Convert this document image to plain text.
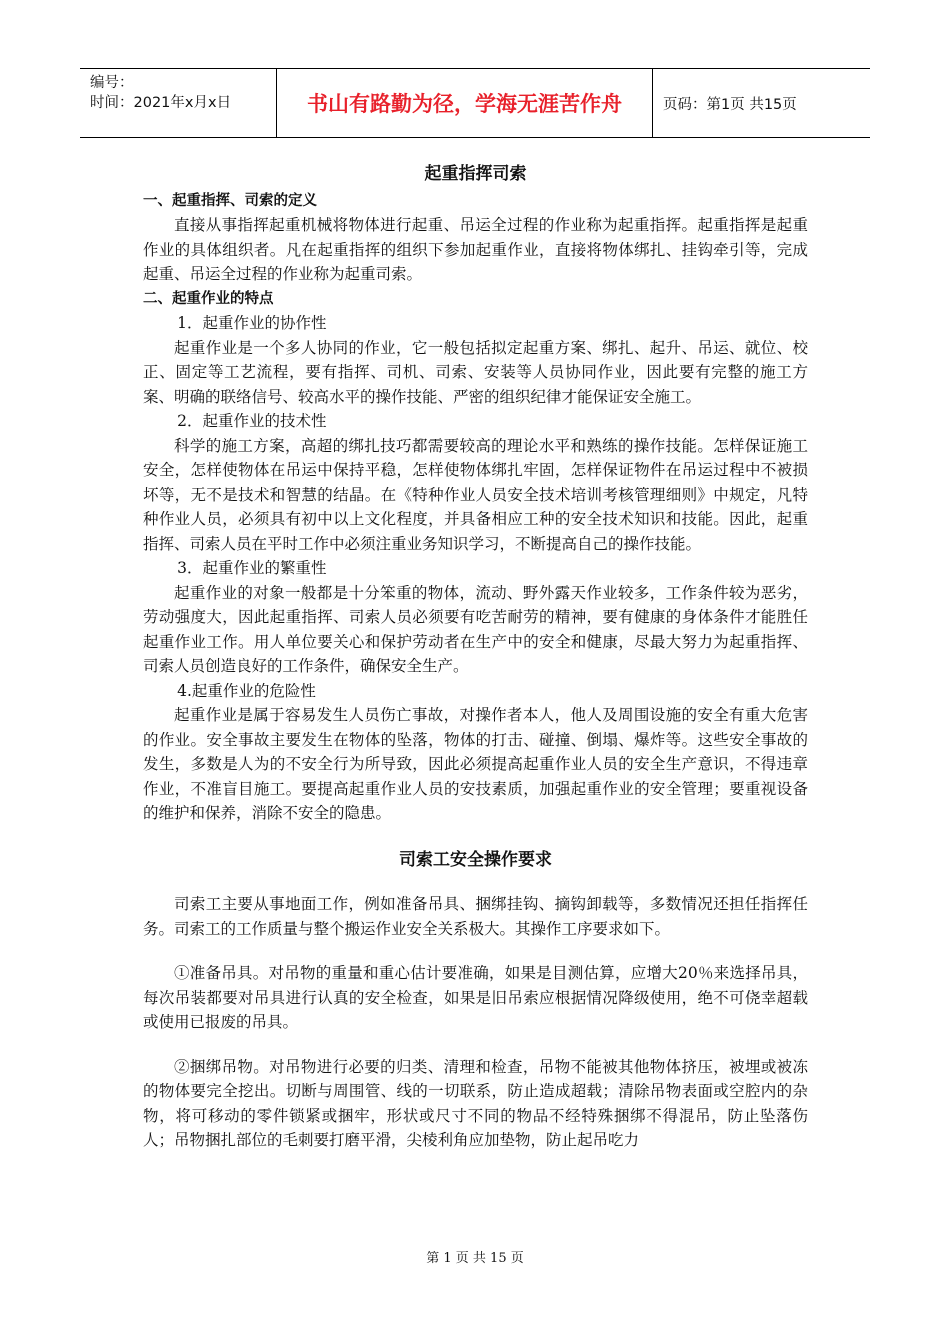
编号：
时间：2021年x月x日	书山有路勤为径，学海无涯苦作舟	页码：第1页 共15页

起重指挥司索

一、起重指挥、司索的定义

直接从事指挥起重机械将物体进行起重、吊运全过程的作业称为起重指挥。起重指挥是起重作业的具体组织者。凡在起重指挥的组织下参加起重作业，直接将物体绑扎、挂钩牵引等，完成起重、吊运全过程的作业称为起重司索。

二、起重作业的特点

1．起重作业的协作性

起重作业是一个多人协同的作业，它一般包括拟定起重方案、绑扎、起升、吊运、就位、校正、固定等工艺流程，要有指挥、司机、司索、安装等人员协同作业，因此要有完整的施工方案、明确的联络信号、较高水平的操作技能、严密的组织纪律才能保证安全施工。

2．起重作业的技术性

科学的施工方案，高超的绑扎技巧都需要较高的理论水平和熟练的操作技能。怎样保证施工安全，怎样使物体在吊运中保持平稳，怎样使物体绑扎牢固，怎样保证物件在吊运过程中不被损坏等，无不是技术和智慧的结晶。在《特种作业人员安全技术培训考核管理细则》中规定，凡特种作业人员，必须具有初中以上文化程度，并具备相应工种的安全技术知识和技能。因此，起重指挥、司索人员在平时工作中必须注重业务知识学习，不断提高自己的操作技能。

3．起重作业的繁重性

起重作业的对象一般都是十分笨重的物体，流动、野外露天作业较多，工作条件较为恶劣，劳动强度大，因此起重指挥、司索人员必须要有吃苦耐劳的精神，要有健康的身体条件才能胜任起重作业工作。用人单位要关心和保护劳动者在生产中的安全和健康，尽最大努力为起重指挥、司索人员创造良好的工作条件，确保安全生产。

4.起重作业的危险性

起重作业是属于容易发生人员伤亡事故，对操作者本人，他人及周围设施的安全有重大危害的作业。安全事故主要发生在物体的坠落，物体的打击、碰撞、倒塌、爆炸等。这些安全事故的发生，多数是人为的不安全行为所导致，因此必须提高起重作业人员的安全生产意识，不得违章作业，不准盲目施工。要提高起重作业人员的安技素质，加强起重作业的安全管理；要重视设备的维护和保养，消除不安全的隐患。

司索工安全操作要求

司索工主要从事地面工作，例如准备吊具、捆绑挂钩、摘钩卸载等，多数情况还担任指挥任务。司索工的工作质量与整个搬运作业安全关系极大。其操作工序要求如下。

①准备吊具。对吊物的重量和重心估计要准确，如果是目测估算，应增大20％来选择吊具，每次吊装都要对吊具进行认真的安全检查，如果是旧吊索应根据情况降级使用，绝不可侥幸超载或使用已报废的吊具。

②捆绑吊物。对吊物进行必要的归类、清理和检查，吊物不能被其他物体挤压，被埋或被冻的物体要完全挖出。切断与周围管、线的一切联系，防止造成超载；清除吊物表面或空腔内的杂物，将可移动的零件锁紧或捆牢，形状或尺寸不同的物品不经特殊捆绑不得混吊，防止坠落伤人；吊物捆扎部位的毛刺要打磨平滑，尖棱利角应加垫物，防止起吊吃力

第 1 页 共 15 页
